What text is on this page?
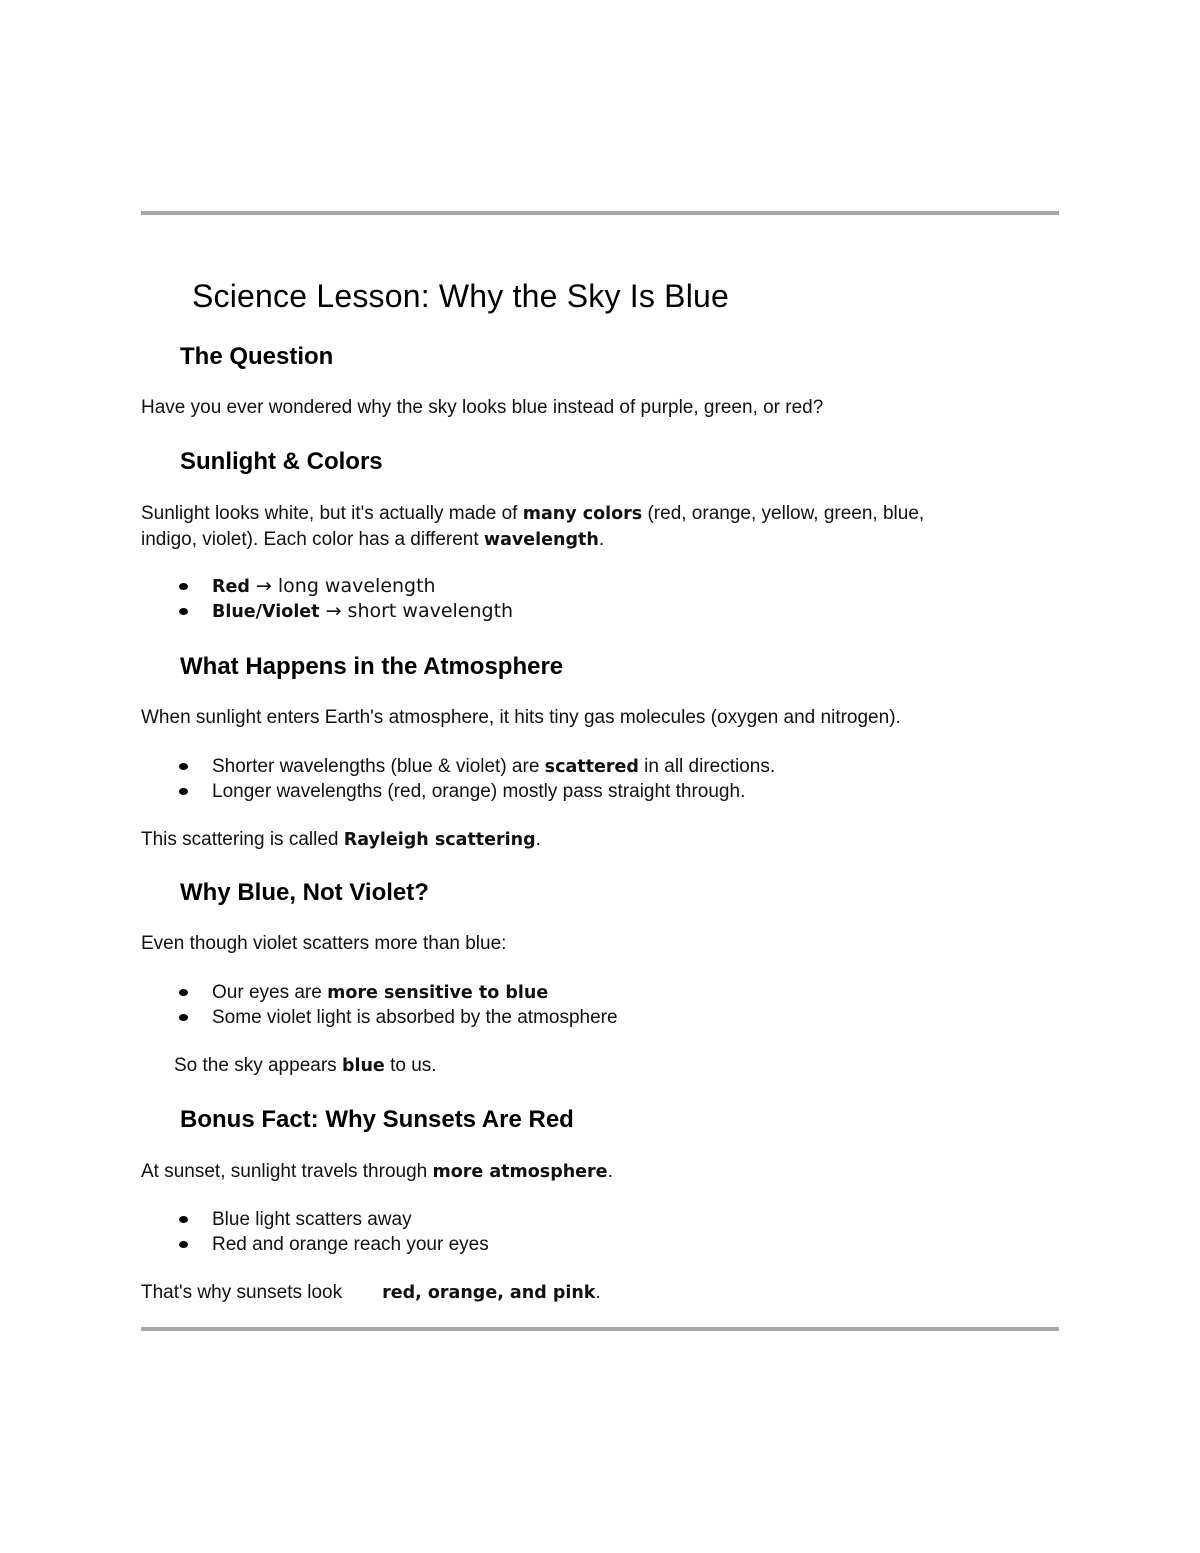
Science Lesson: Why the Sky Is Blue
The Question
Have you ever wondered why the sky looks blue instead of purple, green, or red?
Sunlight & Colors
Sunlight looks white, but it's actually made of many colors (red, orange, yellow, green, blue,
indigo, violet). Each color has a different wavelength.
Red → long wavelength
Blue/Violet → short wavelength
What Happens in the Atmosphere
When sunlight enters Earth's atmosphere, it hits tiny gas molecules (oxygen and nitrogen).
Shorter wavelengths (blue & violet) are scattered in all directions.
Longer wavelengths (red, orange) mostly pass straight through.
This scattering is called Rayleigh scattering.
Why Blue, Not Violet?
Even though violet scatters more than blue:
Our eyes are more sensitive to blue
Some violet light is absorbed by the atmosphere
So the sky appears blue to us.
Bonus Fact: Why Sunsets Are Red
At sunset, sunlight travels through more atmosphere.
Blue light scatters away
Red and orange reach your eyes
That's why sunsets look red, orange, and pink.
